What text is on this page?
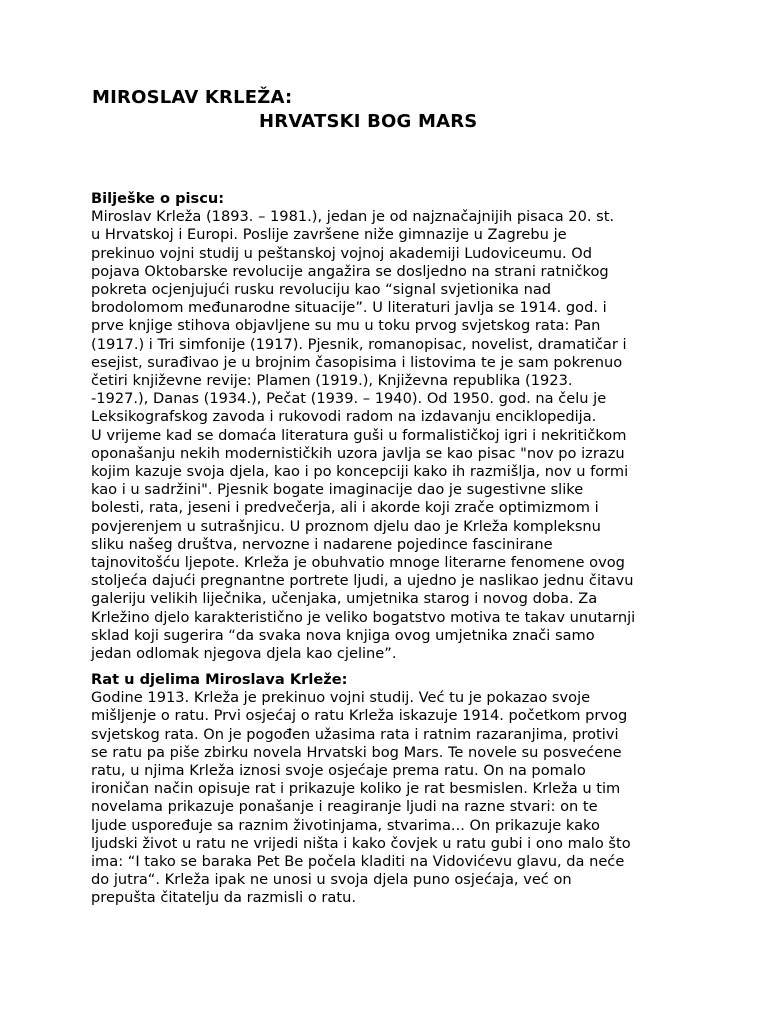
MIROSLAV KRLEŽA:
HRVATSKI BOG MARS
Bilješke o piscu:
Miroslav Krleža (1893. – 1981.), jedan je od najznačajnijih pisaca 20. st.
u Hrvatskoj i Europi. Poslije završene niže gimnazije u Zagrebu je
prekinuo vojni studij u peštanskoj vojnoj akademiji Ludoviceumu. Od
pojava Oktobarske revolucije angažira se dosljedno na strani ratničkog
pokreta ocjenjujući rusku revoluciju kao “signal svjetionika nad
brodolomom međunarodne situacije”. U literaturi javlja se 1914. god. i
prve knjige stihova objavljene su mu u toku prvog svjetskog rata: Pan
(1917.) i Tri simfonije (1917). Pjesnik, romanopisac, novelist, dramatičar i
esejist, surađivao je u brojnim časopisima i listovima te je sam pokrenuo
četiri književne revije: Plamen (1919.), Književna republika (1923.
-1927.), Danas (1934.), Pečat (1939. – 1940). Od 1950. god. na čelu je
Leksikografskog zavoda i rukovodi radom na izdavanju enciklopedija.
U vrijeme kad se domaća literatura guši u formalističkoj igri i nekritičkom
oponašanju nekih modernističkih uzora javlja se kao pisac "nov po izrazu
kojim kazuje svoja djela, kao i po koncepciji kako ih razmišlja, nov u formi
kao i u sadržini". Pjesnik bogate imaginacije dao je sugestivne slike
bolesti, rata, jeseni i predvečerja, ali i akorde koji zrače optimizmom i
povjerenjem u sutrašnjicu. U proznom djelu dao je Krleža kompleksnu
sliku našeg društva, nervozne i nadarene pojedince fascinirane
tajnovitošću ljepote. Krleža je obuhvatio mnoge literarne fenomene ovog
stoljeća dajući pregnantne portrete ljudi, a ujedno je naslikao jednu čitavu
galeriju velikih liječnika, učenjaka, umjetnika starog i novog doba. Za
Krležino djelo karakteristično je veliko bogatstvo motiva te takav unutarnji
sklad koji sugerira “da svaka nova knjiga ovog umjetnika znači samo
jedan odlomak njegova djela kao cjeline”.
Rat u djelima Miroslava Krleže:
Godine 1913. Krleža je prekinuo vojni studij. Već tu je pokazao svoje
mišljenje o ratu. Prvi osjećaj o ratu Krleža iskazuje 1914. početkom prvog
svjetskog rata. On je pogođen užasima rata i ratnim razaranjima, protivi
se ratu pa piše zbirku novela Hrvatski bog Mars. Te novele su posvećene
ratu, u njima Krleža iznosi svoje osjećaje prema ratu. On na pomalo
ironičan način opisuje rat i prikazuje koliko je rat besmislen. Krleža u tim
novelama prikazuje ponašanje i reagiranje ljudi na razne stvari: on te
ljude uspoređuje sa raznim životinjama, stvarima... On prikazuje kako
ljudski život u ratu ne vrijedi ništa i kako čovjek u ratu gubi i ono malo što
ima: “I tako se baraka Pet Be počela kladiti na Vidovićevu glavu, da neće
do jutra“. Krleža ipak ne unosi u svoja djela puno osjećaja, već on
prepušta čitatelju da razmisli o ratu.
